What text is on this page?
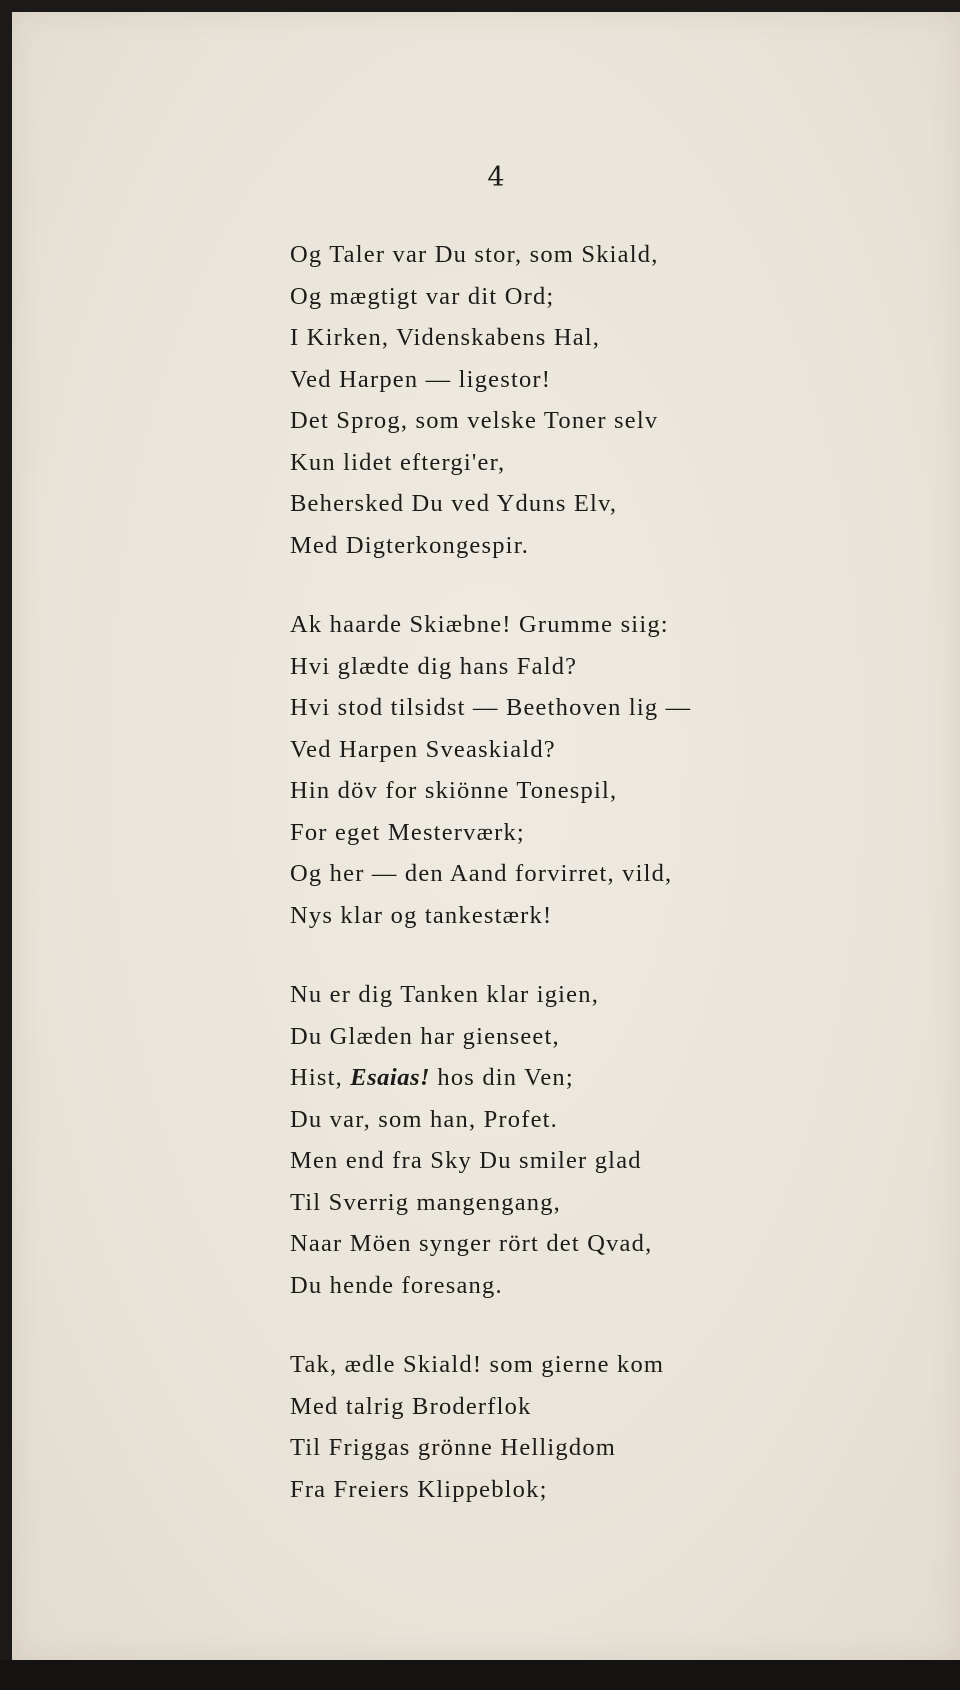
4
Og Taler var Du stor, som Skiald,
Og mægtigt var dit Ord;
I Kirken, Videnskabens Hal,
Ved Harpen — ligestor!
Det Sprog, som velske Toner selv
Kun lidet eftergi'er,
Behersked Du ved Yduns Elv,
Med Digterkongespir.
Ak haarde Skiæbne! Grumme siig:
Hvi glædte dig hans Fald?
Hvi stod tilsidst — Beethoven lig —
Ved Harpen Sveaskiald?
Hin döv for skiönne Tonespil,
For eget Mesterværk;
Og her — den Aand forvirret, vild,
Nys klar og tankestærk!
Nu er dig Tanken klar igien,
Du Glæden har gienseet,
Hist, Esaias! hos din Ven;
Du var, som han, Profet.
Men end fra Sky Du smiler glad
Til Sverrig mangengang,
Naar Möen synger rört det Qvad,
Du hende foresang.
Tak, ædle Skiald! som gierne kom
Med talrig Broderflok
Til Friggas grönne Helligdom
Fra Freiers Klippeblok;
